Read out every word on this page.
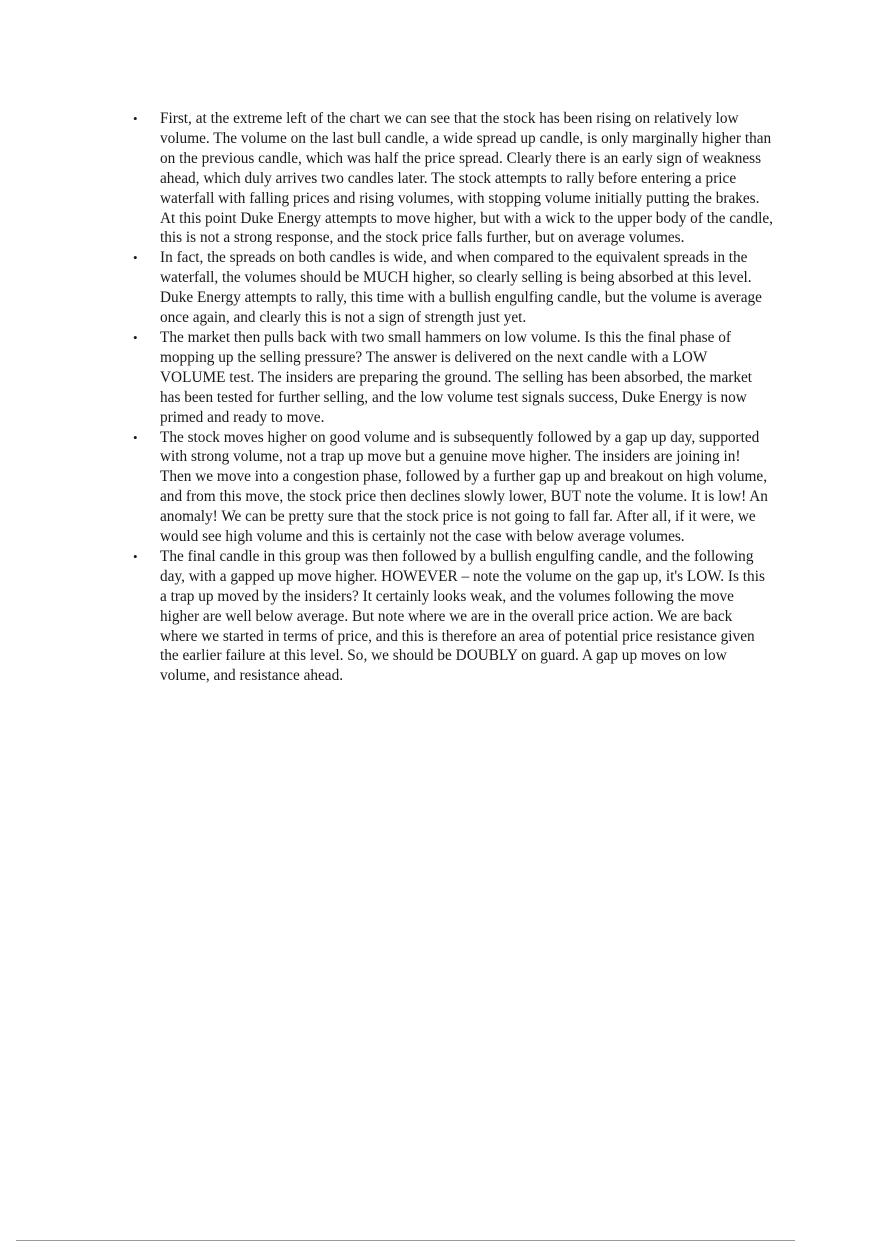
•	First, at the extreme left of the chart we can see that the stock has been rising on relatively low volume. The volume on the last bull candle, a wide spread up candle, is only marginally higher than on the previous candle, which was half the price spread. Clearly there is an early sign of weakness ahead, which duly arrives two candles later. The stock attempts to rally before entering a price waterfall with falling prices and rising volumes, with stopping volume initially putting the brakes. At this point Duke Energy attempts to move higher, but with a wick to the upper body of the candle, this is not a strong response, and the stock price falls further, but on average volumes.
•	In fact, the spreads on both candles is wide, and when compared to the equivalent spreads in the waterfall, the volumes should be MUCH higher, so clearly selling is being absorbed at this level. Duke Energy attempts to rally, this time with a bullish engulfing candle, but the volume is average once again, and clearly this is not a sign of strength just yet.
•	The market then pulls back with two small hammers on low volume. Is this the final phase of mopping up the selling pressure? The answer is delivered on the next candle with a LOW VOLUME test. The insiders are preparing the ground. The selling has been absorbed, the market has been tested for further selling, and the low volume test signals success, Duke Energy is now primed and ready to move.
•	The stock moves higher on good volume and is subsequently followed by a gap up day, supported with strong volume, not a trap up move but a genuine move higher. The insiders are joining in! Then we move into a congestion phase, followed by a further gap up and breakout on high volume, and from this move, the stock price then declines slowly lower, BUT note the volume. It is low! An anomaly! We can be pretty sure that the stock price is not going to fall far. After all, if it were, we would see high volume and this is certainly not the case with below average volumes.
•	The final candle in this group was then followed by a bullish engulfing candle, and the following day, with a gapped up move higher. HOWEVER – note the volume on the gap up, it's LOW. Is this a trap up moved by the insiders? It certainly looks weak, and the volumes following the move higher are well below average. But note where we are in the overall price action. We are back where we started in terms of price, and this is therefore an area of potential price resistance given the earlier failure at this level. So, we should be DOUBLY on guard. A gap up moves on low volume, and resistance ahead.
